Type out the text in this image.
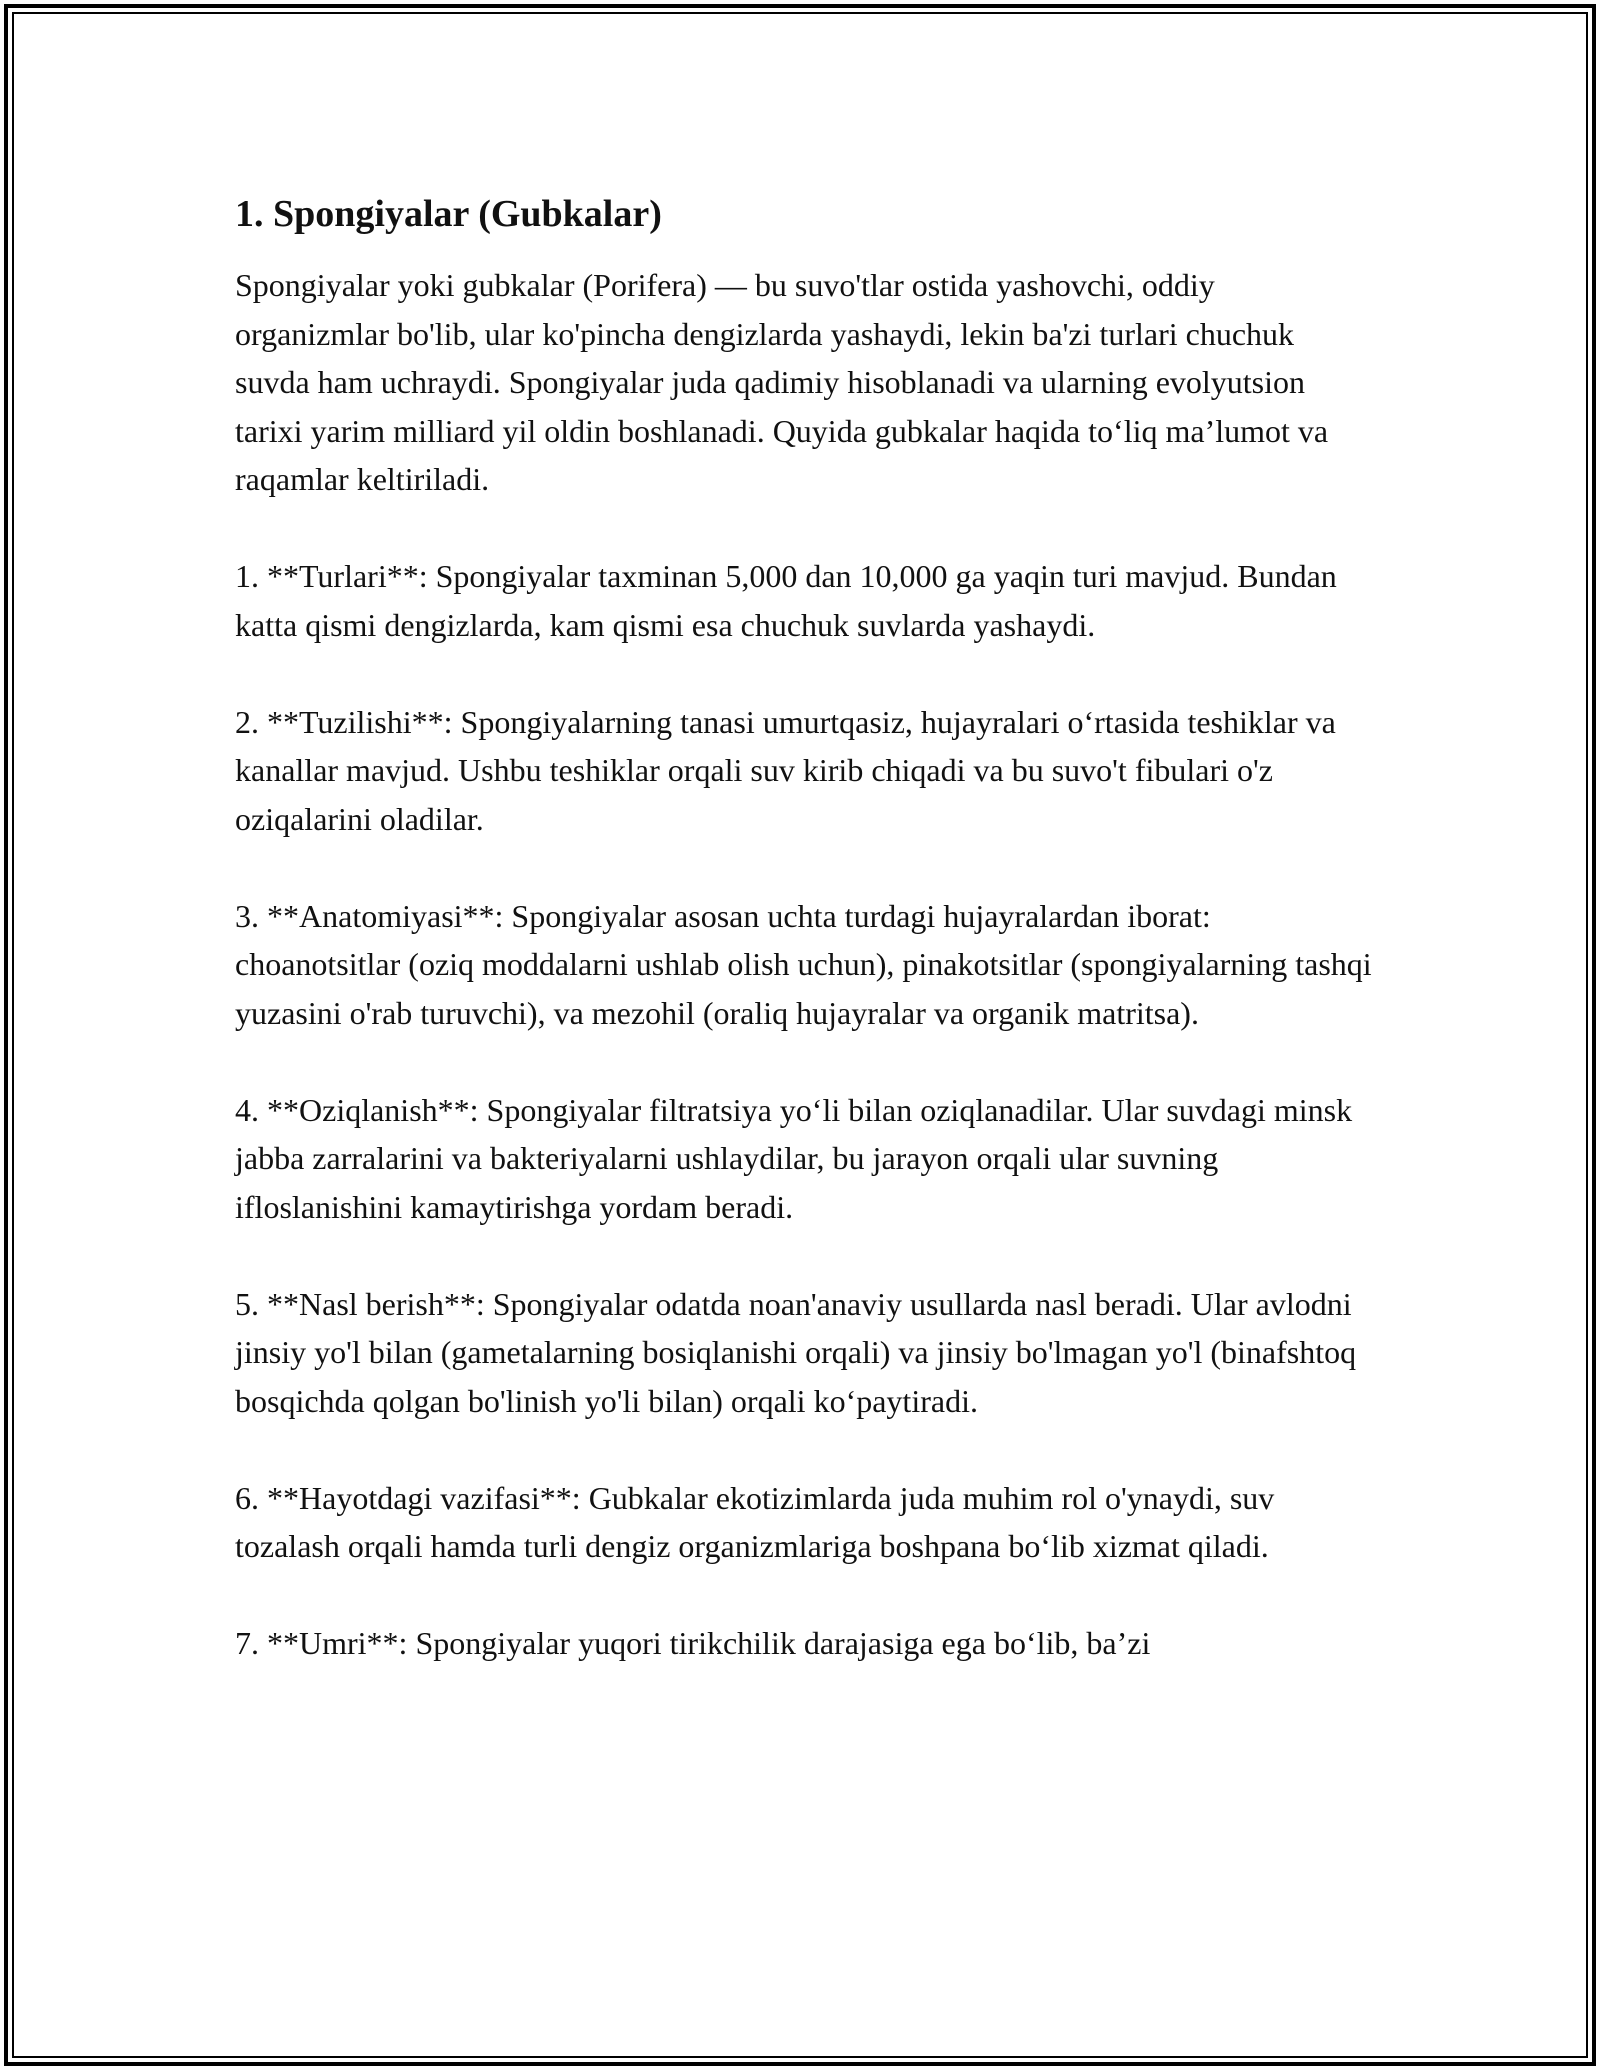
1. Spongiyalar (Gubkalar)

Spongiyalar yoki gubkalar (Porifera) — bu suvo'tlar ostida yashovchi, oddiy organizmlar bo'lib, ular ko'pincha dengizlarda yashaydi, lekin ba'zi turlari chuchuk suvda ham uchraydi. Spongiyalar juda qadimiy hisoblanadi va ularning evolyutsion tarixi yarim milliard yil oldin boshlanadi. Quyida gubkalar haqida to‘liq ma’lumot va raqamlar keltiriladi.

1. **Turlari**: Spongiyalar taxminan 5,000 dan 10,000 ga yaqin turi mavjud. Bundan katta qismi dengizlarda, kam qismi esa chuchuk suvlarda yashaydi.

2. **Tuzilishi**: Spongiyalarning tanasi umurtqasiz, hujayralari o‘rtasida teshiklar va kanallar mavjud. Ushbu teshiklar orqali suv kirib chiqadi va bu suvo't fibulari o'z oziqalarini oladilar.

3. **Anatomiyasi**: Spongiyalar asosan uchta turdagi hujayralardan iborat: choanotsitlar (oziq moddalarni ushlab olish uchun), pinakotsitlar (spongiyalarning tashqi yuzasini o'rab turuvchi), va mezohil (oraliq hujayralar va organik matritsa).

4. **Oziqlanish**: Spongiyalar filtratsiya yo‘li bilan oziqlanadilar. Ular suvdagi minsk jabba zarralarini va bakteriyalarni ushlaydilar, bu jarayon orqali ular suvning ifloslanishini kamaytirishga yordam beradi.

5. **Nasl berish**: Spongiyalar odatda noan'anaviy usullarda nasl beradi. Ular avlodni jinsiy yo'l bilan (gametalarning bosiqlanishi orqali) va jinsiy bo'lmagan yo'l (binafshtoq bosqichda qolgan bo'linish yo'li bilan) orqali ko‘paytiradi.

6. **Hayotdagi vazifasi**: Gubkalar ekotizimlarda juda muhim rol o'ynaydi, suv tozalash orqali hamda turli dengiz organizmlariga boshpana bo‘lib xizmat qiladi.

7. **Umri**: Spongiyalar yuqori tirikchilik darajasiga ega bo‘lib, ba’zi
